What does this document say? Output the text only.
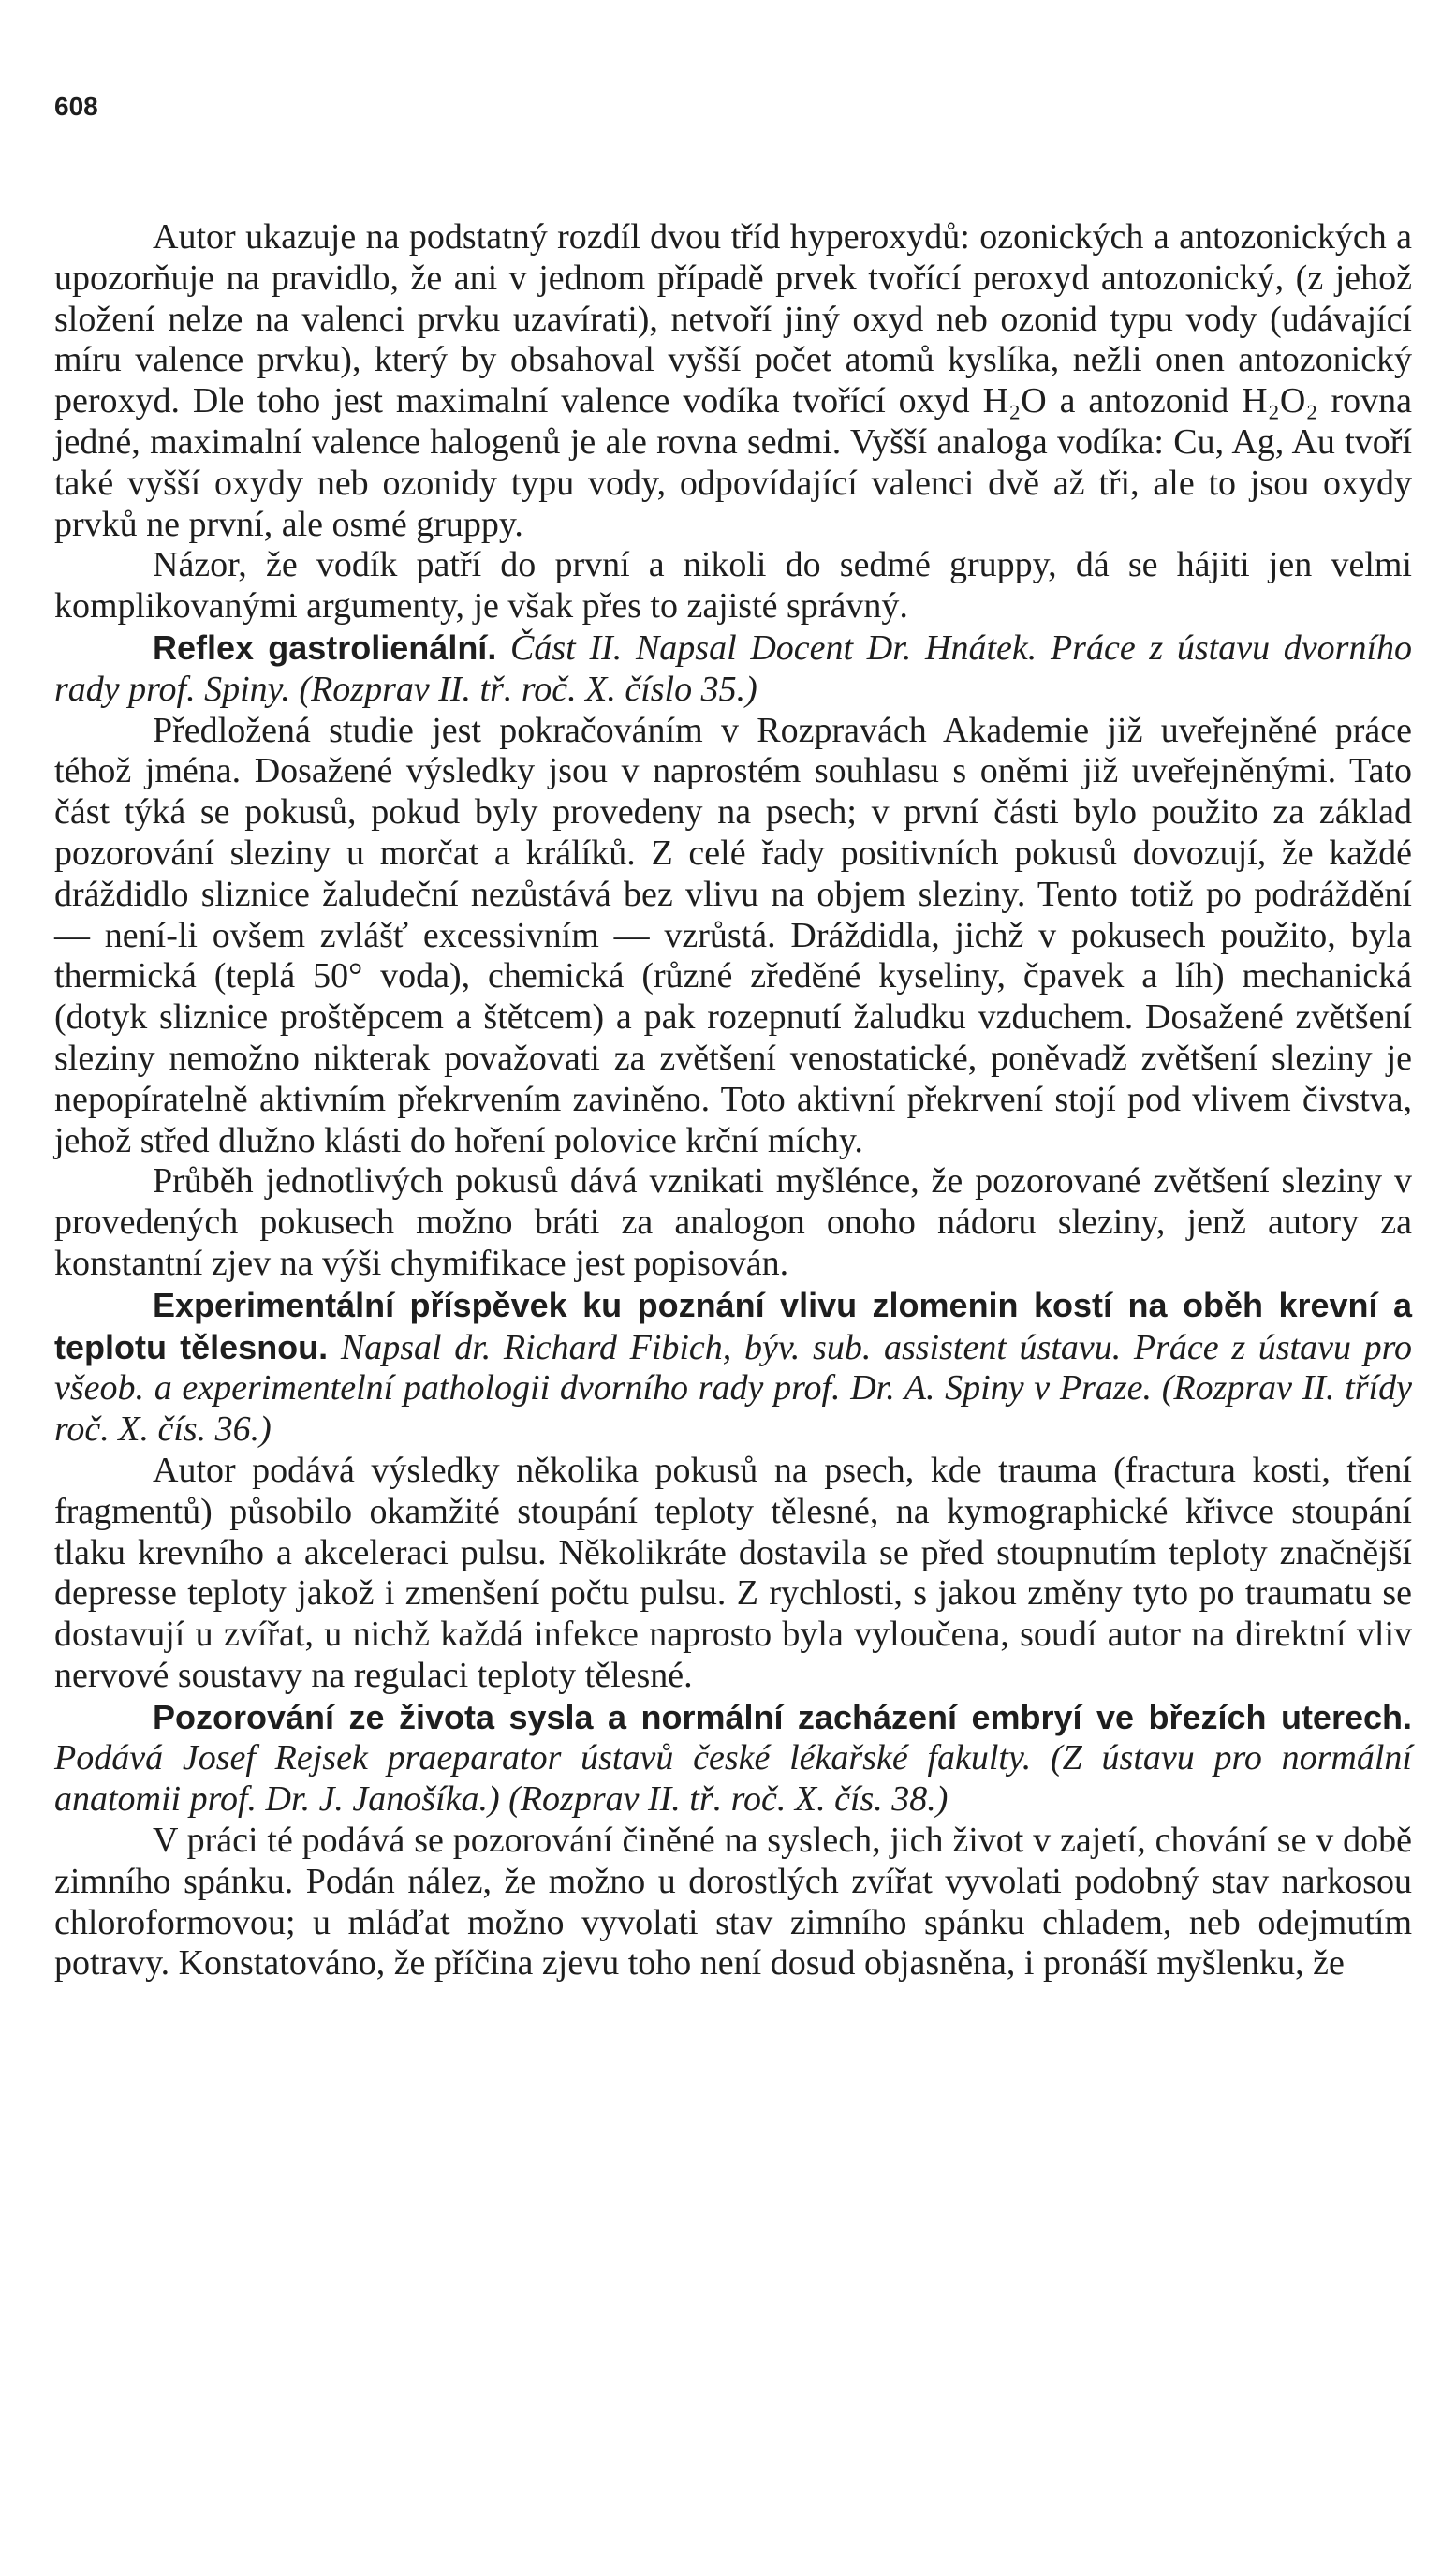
608

Autor ukazuje na podstatný rozdíl dvou tříd hyperoxydů: ozonických a antozonických a upozorňuje na pravidlo, že ani v jednom případě prvek tvořící peroxyd antozonický, (z jehož složení nelze na valenci prvku uzavírati), netvoří jiný oxyd neb ozonid typu vody (udávající míru valence prvku), který by obsahoval vyšší počet atomů kyslíka, nežli onen antozonický peroxyd. Dle toho jest maximalní valence vodíka tvořící oxyd H₂O a antozonid H₂O₂ rovna jedné, maximalní valence halogenů je ale rovna sedmi. Vyšší analoga vodíka: Cu, Ag, Au tvoří také vyšší oxydy neb ozonidy typu vody, odpovídající valenci dvě až tři, ale to jsou oxydy prvků ne první, ale osmé gruppy.

Názor, že vodík patří do první a nikoli do sedmé gruppy, dá se hájiti jen velmi komplikovanými argumenty, je však přes to zajisté správný.

Reflex gastrolienální. Část II. Napsal Docent Dr. Hnátek. Práce z ústavu dvorního rady prof. Spiny. (Rozprav II. tř. roč. X. číslo 35.)

Předložená studie jest pokračováním v Rozpravách Akademie již uveřejněné práce téhož jména. Dosažené výsledky jsou v naprostém souhlasu s oněmi již uveřejněnými. Tato část týká se pokusů, pokud byly provedeny na psech; v první části bylo použito za základ pozorování sleziny u morčat a králíků. Z celé řady positivních pokusů dovozují, že každé dráždidlo sliznice žaludeční nezůstává bez vlivu na objem sleziny. Tento totiž po podráždění — není-li ovšem zvlášť excessivním — vzrůstá. Dráždidla, jichž v pokusech použito, byla thermická (teplá 50° voda), chemická (různé zředěné kyseliny, čpavek a líh) mechanická (dotyk sliznice proštěpcem a štětcem) a pak rozepnutí žaludku vzduchem. Dosažené zvětšení sleziny nemožno nikterak považovati za zvětšení venostatické, poněvadž zvětšení sleziny je nepopíratelně aktivním překrvením zaviněno. Toto aktivní překrvení stojí pod vlivem čivstva, jehož střed dlužno klásti do hoření polovice krční míchy.

Průběh jednotlivých pokusů dává vznikati myšlénce, že pozorované zvětšení sleziny v provedených pokusech možno bráti za analogon onoho nádoru sleziny, jenž autory za konstantní zjev na výši chymifikace jest popisován.

Experimentální příspěvek ku poznání vlivu zlomenin kostí na oběh krevní a teplotu tělesnou. Napsal dr. Richard Fibich, býv. sub. assistent ústavu. Práce z ústavu pro všeob. a experimentelní pathologii dvorního rady prof. Dr. A. Spiny v Praze. (Rozprav II. třídy roč. X. čís. 36.)

Autor podává výsledky několika pokusů na psech, kde trauma (fractura kosti, tření fragmentů) působilo okamžité stoupání teploty tělesné, na kymographické křivce stoupání tlaku krevního a akceleraci pulsu. Několikráte dostavila se před stoupnutím teploty značnější depresse teploty jakož i zmenšení počtu pulsu. Z rychlosti, s jakou změny tyto po traumatu se dostavují u zvířat, u nichž každá infekce naprosto byla vyloučena, soudí autor na direktní vliv nervové soustavy na regulaci teploty tělesné.

Pozorování ze života sysla a normální zacházení embryí ve březích uterech. Podává Josef Rejsek praeparator ústavů české lékařské fakulty. (Z ústavu pro normální anatomii prof. Dr. J. Janošíka.) (Rozprav II. tř. roč. X. čís. 38.)

V práci té podává se pozorování činěné na syslech, jich život v zajetí, chování se v době zimního spánku. Podán nález, že možno u dorostlých zvířat vyvolati podobný stav narkosou chloroformovou; u mláďat možno vyvolati stav zimního spánku chladem, neb odejmutím potravy. Konstatováno, že příčina zjevu toho není dosud objasněna, i pronáší myšlenku, že
